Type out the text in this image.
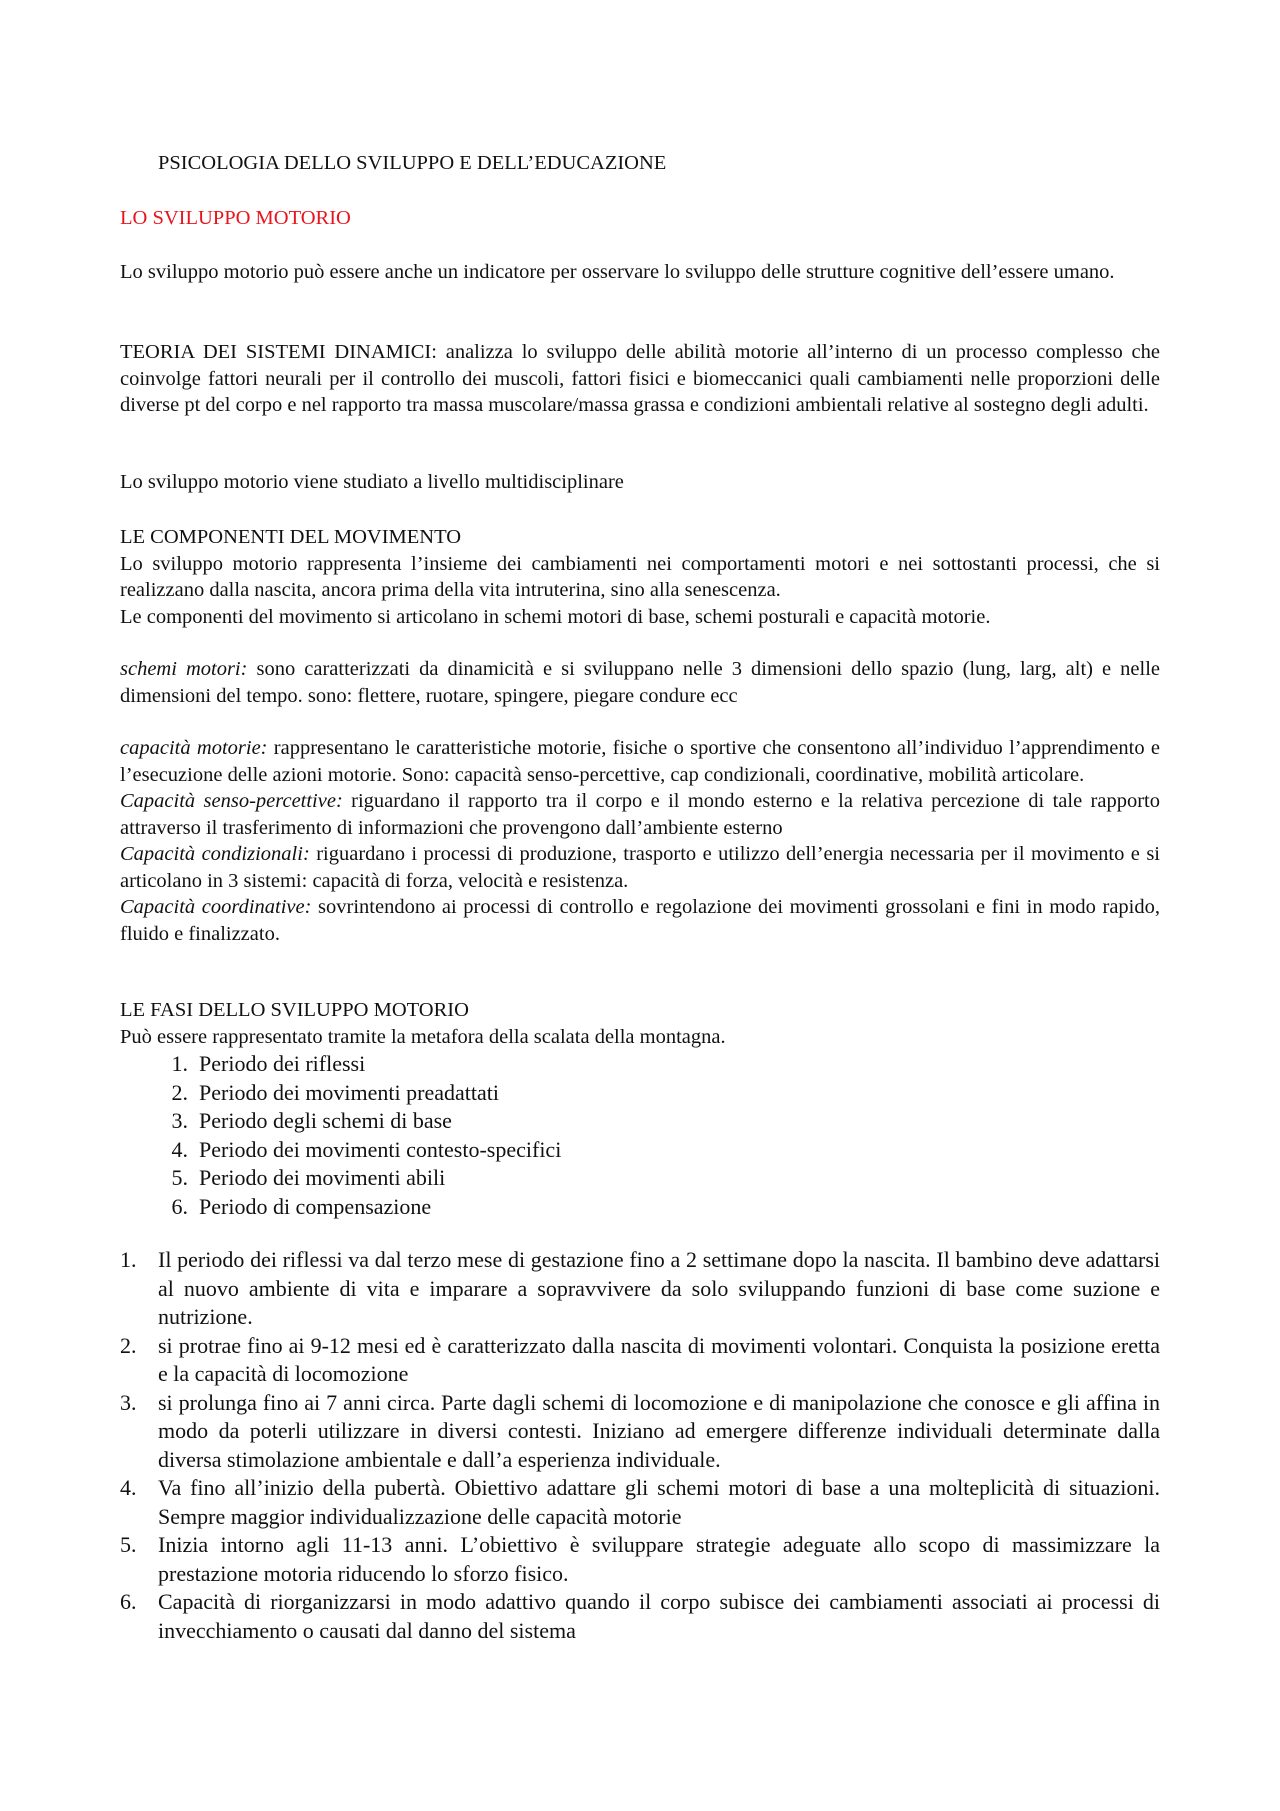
PSICOLOGIA DELLO SVILUPPO E DELL’EDUCAZIONE
LO SVILUPPO MOTORIO

Lo sviluppo motorio può essere anche un indicatore per osservare lo sviluppo delle strutture cognitive dell’essere umano.

TEORIA DEI SISTEMI DINAMICI: analizza lo sviluppo delle abilità motorie all’interno di un processo complesso che coinvolge fattori neurali per il controllo dei muscoli, fattori fisici e biomeccanici quali cambiamenti nelle proporzioni delle diverse pt del corpo e nel rapporto tra massa muscolare/massa grassa e condizioni ambientali relative al sostegno degli adulti.

Lo sviluppo motorio viene studiato a livello multidisciplinare

LE COMPONENTI DEL MOVIMENTO

Lo sviluppo motorio rappresenta l’insieme dei cambiamenti nei comportamenti motori e nei sottostanti processi, che si realizzano dalla nascita, ancora prima della vita intruterina, sino alla senescenza.

Le componenti del movimento si articolano in schemi motori di base, schemi posturali e capacità motorie.

schemi motori: sono caratterizzati da dinamicità e si sviluppano nelle 3 dimensioni dello spazio (lung, larg, alt) e nelle dimensioni del tempo. sono: flettere, ruotare, spingere, piegare condure ecc

capacità motorie: rappresentano le caratteristiche motorie, fisiche o sportive che consentono all’individuo l’apprendimento e l’esecuzione delle azioni motorie. Sono: capacità senso-percettive, cap condizionali, coordinative, mobilità articolare.

Capacità senso-percettive: riguardano il rapporto tra il corpo e il mondo esterno e la relativa percezione di tale rapporto attraverso il trasferimento di informazioni che provengono dall’ambiente esterno

Capacità condizionali: riguardano i processi di produzione, trasporto e utilizzo dell’energia necessaria per il movimento e si articolano in 3 sistemi: capacità di forza, velocità e resistenza.

Capacità coordinative: sovrintendono ai processi di controllo e regolazione dei movimenti grossolani e fini in modo rapido, fluido e finalizzato.

LE FASI DELLO SVILUPPO MOTORIO
Può essere rappresentato tramite la metafora della scalata della montagna.
1. Periodo dei riflessi
2. Periodo dei movimenti preadattati
3. Periodo degli schemi di base
4. Periodo dei movimenti contesto-specifici
5. Periodo dei movimenti abili
6. Periodo di compensazione
1. Il periodo dei riflessi va dal terzo mese di gestazione fino a 2 settimane dopo la nascita. Il bambino deve adattarsi al nuovo ambiente di vita e imparare a sopravvivere da solo sviluppando funzioni di base come suzione e nutrizione.
2. si protrae fino ai 9-12 mesi ed è caratterizzato dalla nascita di movimenti volontari. Conquista la posizione eretta e la capacità di locomozione
3. si prolunga fino ai 7 anni circa. Parte dagli schemi di locomozione e di manipolazione che conosce e gli affina in modo da poterli utilizzare in diversi contesti. Iniziano ad emergere differenze individuali determinate dalla diversa stimolazione ambientale e dall’a esperienza individuale.
4. Va fino all’inizio della pubertà. Obiettivo adattare gli schemi motori di base a una molteplicità di situazioni. Sempre maggior individualizzazione delle capacità motorie
5. Inizia intorno agli 11-13 anni. L’obiettivo è sviluppare strategie adeguate allo scopo di massimizzare la prestazione motoria riducendo lo sforzo fisico.
6. Capacità di riorganizzarsi in modo adattivo quando il corpo subisce dei cambiamenti associati ai processi di invecchiamento o causati dal danno del sistema
